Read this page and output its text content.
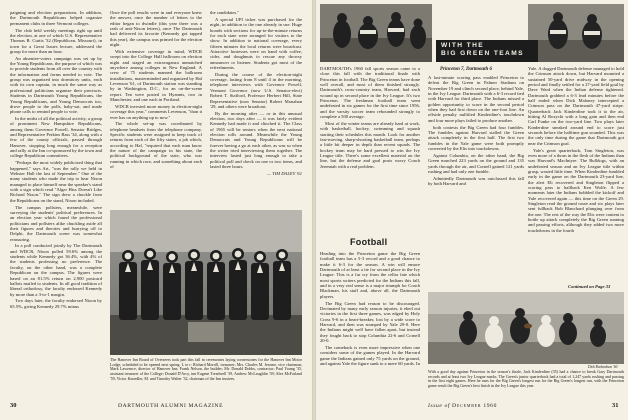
paigning and election preparations. In addition, the Dartmouth Republicans helped organize permanent clubs in three Vermont colleges.

The club held weekly meetings right up until the election, at one of which U.S. Representative Thomas B. Curtis '32 (Republican, Missouri), in town for a Great Issues lecture, addressed the group for more than an hour.

An absentee-voters campaign was set up by the Young Republicans, the purpose of which was to provide students from all over the country with the information and forms needed to vote. The group was organized into dormitory units, each with its own captain, in much the same way as professional politicians organize their precincts. Students in Dartmouth Young Republicans, the Young Republicans, and Young Democrats too, drove people to the polls, baby-sat, and made phone calls to remind people to vote.

In the midst of all the political activity, a group of prominent New Hampshire Republicans, among them Governor Powell, Senator Bridges, and Representative Perkins Bass '34, along with a few of the county officials, passed through Hanover, stopping long enough for a reception and rally at the Inn co-sponsored by the town and college Republican committees.

"Perhaps the most widely publicized thing that happened," says Art, "was the rally we held in Webster Hall the last of September." One of the many students who made the trip to hear Nixon managed to place himself near the speaker's stand with a sign which read "Alger Hiss Doesn't Like Richard Nixon." The sign drew a chuckle from the Republicans on the stand, Nixon included.

The campus pollsters, meanwhile, were surveying the students' political preferences. In an election year which found the professional politicians and pollsters alike chuckling aside all their figures and theories and hurrying off to Delphi, the Dartmouth scene was somewhat reassuring.

In a poll conducted jointly by The Dartmouth and WDCR, Nixon polled 59.6% among the students while Kennedy got 36.4%, with 4% of the students professing no preference. The faculty, on the other hand, was a complete Republican on the campus. The figures were based on an 81.5% return on 2,900 postcard ballots mailed to students. In all good tradition of liberal orthodoxy, the faculty endorsed Kennedy by more than a 3-to-1 margin.

Two days later, the faculty endorsed Nixon by 65.5%, giving Kennedy 29.7% minus

Once the poll results were in and everyone knew the answer, once the number of letters to the editor began to dwindle (this year there was a rash of anti-Nixon letters), once The Dartmouth had delivered its favorite (Kennedy got tapped this year), the campus was primed for the election night.

With extensive coverage in mind, WDCR swept into the College Hall ballroom on election night and staged an extravaganza unmatched anywhere among colleges in New England. A crew of 75 students manned the ballroom installations, masterminded and organized by Hal Levenson '61, of Dartmouth station was standing by in Washington, D.C., for an on-the-scene report. Ten were posted in Hyannis, two in Manchester, and one each in Portland.

WDCR invested more money in election-night coverage this year," comments Levenson, "than it ever has on anything up to now."

The whole set-up was coordinated by telephone headsets from the telephone company. Specific students were assigned to keep track of returns from each of the fifty states, a job which, according to Hal, "required that each man know the nature of the campaign in his state, the political background of the state, who was running in which race, and something about each of

the candidates."

A special UPI ticker was purchased for the night, in addition to the one already in use. Huge boards with sections for up-to-the-minute returns for each state were arranged for visitors to the show. In addition to national coverage, every fifteen minutes the local returns were broadcast. Attractive hostesses were on hand with coffee, cider, and doughnuts to rescue any drowsy announcer or listener. Students got most of the refreshments.

During the course of the election-night coverage, lasting from 8 until 4 in the morning, telephone interviews with Governor Powell, Vermont Governor (now U.S. Senator-elect) Robert T. Stafford, Professor Herbert Hill, State Representative (now Senator) Robert Monahan '29, and others were broadcast.

By the morning after — or in this unusual election, two days after — it was fairly evident Kennedy had made it and clinched it. The Class of 1965 will be seniors when the next national election rolls around. Meanwhile the Young Democrats and Young Republicans will be forever having a go at each other, as was so when the writer tried interviewing them together. The interview lasted just long enough to take a political poll and check on one or two items, and lasted three hours.

— TIM DALEY '61

The Hanover Inn Board of Overseers took part this fall in ceremonies laying cornerstones for the Hanover Inn Motor Lodge, scheduled to be opened next spring. L to r: Richard Morrill, treasurer; Mrs. Charles M. Jerome, vice chairman; Mark Lawrence, director of Hanover Inn; Frank Nelson, the builder; Mr. Donald Dobbs, contractor; Paul Young '35, assistant treasurer of the College; Donald D'Arcy, inn Eugene Treadwell '39, Andrew McLaughlin '39; Alex McFarland '59, Victor Knoedler, M. and Timothy Walter '32, chairman of the Inn trustees.
30	DARTMOUTH ALUMNI MAGAZINE
WITH THE
BIG GREEN TEAMS

DARTMOUTH's 1960 fall sports season came to a close this fall with the traditional finale with Princeton in football. The Big Green teams have done well overall, and most of them finished strongly. Dartmouth's cross-country team, Harvard, had each wound up in second place in the Ivy League. It's two Princeton. The freshman football team went undefeated in six games for the first time since 1956, and the varsity soccer team rebounded strongly to complete a 500 average.

Most of the winter teams are already hard at work, with basketball, hockey, swimming and squash starting their schedules this month. Look for another fast-moving, sharp-shooting basketball team, perhaps a little bit deeper in depth than recent squads. The hockey team may be hard pressed to win the Ivy League title. There's some excellent material on the line, but the defense and goal posts worry Coach Jeremiah with a real problem.

Football

Heading into the Princeton game the Big Green football team has a 5-3 record and a good chance to make it 6-3 for the season. A win will ensure Dartmouth of at least a tie for second place in the Ivy League. This is a far cry from the cellar fate which most sports writers predicted for the Indians this fall, and in a very real sense is a major triumph for Coach Blackman, his staff and, above all, the Dartmouth players.

The Big Green had reason to be discouraged. Decimated by many early season injuries, it eked out victories in the first three games, was edged by Holy Cross 9-6 in a heart-breaker, lost by a wide score to Harvard, and then was stomped by Yale 29-0. Here the Indians might well have fallen apart, but instead they fought back to stop Columbia 22-6 and Cornell 20-0.

The comeback is even more impressive when one considers some of the games played. In the Harvard game the Indians gained only 75 yards on the ground, and against Yale the figure sunk to a mere 60 yards. In

Princeton 7, Dartmouth 6

A last-minute scoring pass enabled Princeton to defeat the Big Green in Palmer Stadium on November 19 and clinch second place, behind Yale, in the Ivy League. Dartmouth with a 6-3 record tied with Harvard for third place. The Indians missed a golden opportunity to score in the second period when they had first down on the one-foot line. An offside penalty nullified Kinderdine's touchdown and four more plays failed to produce another.

both contests the Big Green had four fumbles. The fumbles against Harvard stalled the Green attack completely in the first half. The first two fumbles in the Yale game were both promptly converted by the Elis into touchdowns.

Against Columbia, on the other hand, the Big Green marched 223 yards on the ground and 135 yards through the air, and Cornell gained 121 yards rushing and had only one fumble.

Admittedly Dartmouth was outclassed this fall by both Harvard and

Yale. A dogged Dartmouth defense managed to hold the Crimson attack down, but Harvard mounted a sustained 50-yard drive midway in the opening period and finally settled for a 27-yard field goal by Dave Ward when the Indian defense tightened. Dartmouth grabbed a 6-3 lead minutes before the half ended when Dick Maloney intercepted a Crimson pass on the Dartmouth 47-yard stripe. Quarterback Jack Kinderdine took it to the air, hitting Al Rozycki with a long gain and then end Carl Funke on the two-yard line. Two plays later Kinderdine sneaked around end to score just seconds before the halftime gun sounded. This was the only time during the game that Dartmouth got near the Crimson goal.

Yale's great quarterback, Tom Singleton, was even more of a thorn in the flesh of the Indians than was Harvard's MacIntyre. The Bulldogs, with an undefeated season and an Ivy League title within grasp, wasted little time. When Kinderdine fumbled early in the game on the Dartmouth 23-yard line, the alert Eli recovered and Singleton flipped a scoring pass to halfback Ken Wolfe. A few moments later the Indians bobbled the kickoff and Yale recovered again — this time on the Green 29. Singleton read the ground route and six plays later sent fullback Bob Blanchard plunging over from the one. The rest of the way the Elis were content to bottle up attack completely the Big Green running and passing efforts, although they added two more touchdowns in the fourth

Continued on Page 33
Dick Richardson '60
With a good day against Princeton in the season's finale, Jack Kinderdine (35) had a chance to break Gary Dartmouth records and at least two Ivy League marks. The Green's junior quarterback had a total of 1,247 yards rushing and passing in the first eight games. Here he runs for the Big Green's longest run for the Big Green's longest run, with the Princeton game result the Big Green's best finish in the Ivy League this year.
Issue of December 1960	31
